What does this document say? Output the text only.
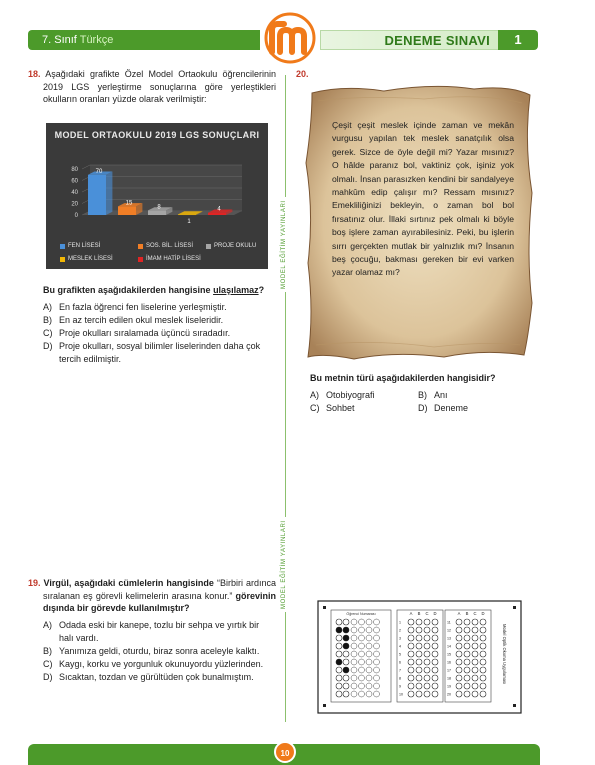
7. Sınıf Türkçe	DENEME SINAVI	1
MODEL EĞİTİM YAYINLARI
MODEL EĞİTİM YAYINLARI

18. Aşağıdaki grafikte Özel Model Ortaokulu öğrencilerinin 2019 LGS yerleştirme sonuçlarına göre yerleştikleri okulların oranları yüzde olarak verilmiştir:

MODEL ORTAOKULU 2019 LGS SONUÇLARI
0
20
40
60
80	70
15
8
1
4
FEN LİSESİ	SOS. BİL. LİSESİ	PROJE OKULU
MESLEK LİSESİ	İMAM HATİP LİSESİ

Bu grafikten aşağıdakilerden hangisine ulaşılamaz?

A) En fazla öğrenci fen liselerine yerleşmiştir.
B) En az tercih edilen okul meslek liseleridir.
C) Proje okulları sıralamada üçüncü sıradadır.
D) Proje okulları, sosyal bilimler liselerinden daha çok tercih edilmiştir.

19. Virgül, aşağıdaki cümlelerin hangisinde “Birbiri ardınca sıralanan eş görevli kelimelerin arasına konur.” görevinin dışında bir görevde kullanılmıştır?

A) Odada eski bir kanepe, tozlu bir sehpa ve yırtık bir halı vardı.
B) Yanımıza geldi, oturdu, biraz sonra aceleyle kalktı.
C) Kaygı, korku ve yorgunluk okunuyordu yüzlerinden.
D) Sıcaktan, tozdan ve gürültüden çok bunalmıştım.
20.

Çeşit çeşit meslek içinde zaman ve mekân vurgusu yapılan tek meslek sanatçılık olsa gerek. Sizce de öyle değil mi? Yazar mısınız? O hâlde paranız bol, vaktiniz çok, işiniz yok olmalı. İnsan parasızken kendini bir sandalyeye mahkûm edip çalışır mı? Ressam mısınız? Emekliliğinizi bekleyin, o zaman bol bol fırsatınız olur. İllaki sırtınız pek olmalı ki böyle boş işlere zaman ayırabilesiniz. Peki, bu işlerin sırrı gerçekten mutlak bir yalnızlık mı? İnsanın beş çocuğu, bakması gereken bir evi varken yazar olamaz mı?

Bu metnin türü aşağıdakilerden hangisidir?

A) Otobiyografi	B) Anı
C) Sohbet	D) Deneme
Öğrenci Numarası	A B C D
1
2
3
4
5
6
7
8
9
10
A B C D
11
12
13
14
15
16
17
18
19
20
Model Optik Okuma Uygulaması
10
